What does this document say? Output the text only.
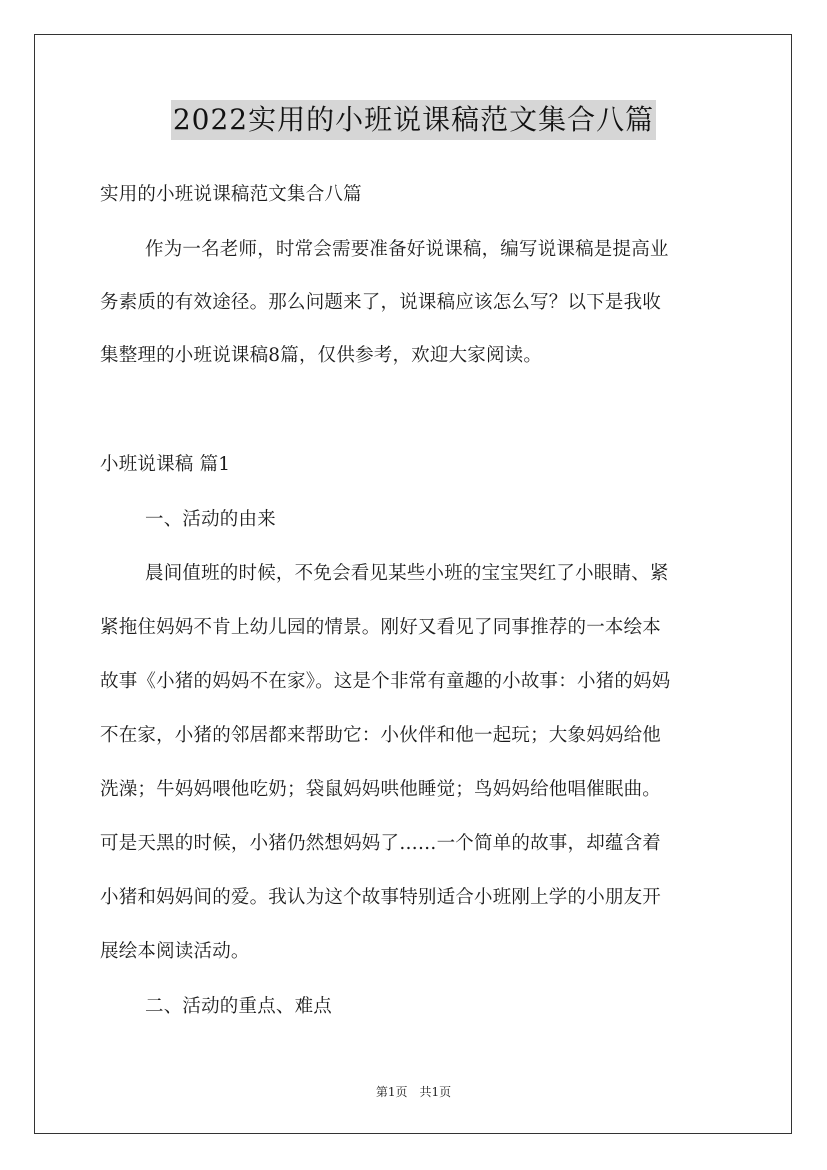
2022实用的小班说课稿范文集合八篇
实用的小班说课稿范文集合八篇
作为一名老师，时常会需要准备好说课稿，编写说课稿是提高业
务素质的有效途径。那么问题来了，说课稿应该怎么写？以下是我收
集整理的小班说课稿8篇，仅供参考，欢迎大家阅读。
小班说课稿 篇1
一、活动的由来
晨间值班的时候，不免会看见某些小班的宝宝哭红了小眼睛、紧
紧拖住妈妈不肯上幼儿园的情景。刚好又看见了同事推荐的一本绘本
故事《小猪的妈妈不在家》。这是个非常有童趣的小故事：小猪的妈妈
不在家，小猪的邻居都来帮助它：小伙伴和他一起玩；大象妈妈给他
洗澡；牛妈妈喂他吃奶；袋鼠妈妈哄他睡觉；鸟妈妈给他唱催眠曲。
可是天黑的时候，小猪仍然想妈妈了……一个简单的故事，却蕴含着
小猪和妈妈间的爱。我认为这个故事特别适合小班刚上学的小朋友开
展绘本阅读活动。
二、活动的重点、难点
第1页　共1页
